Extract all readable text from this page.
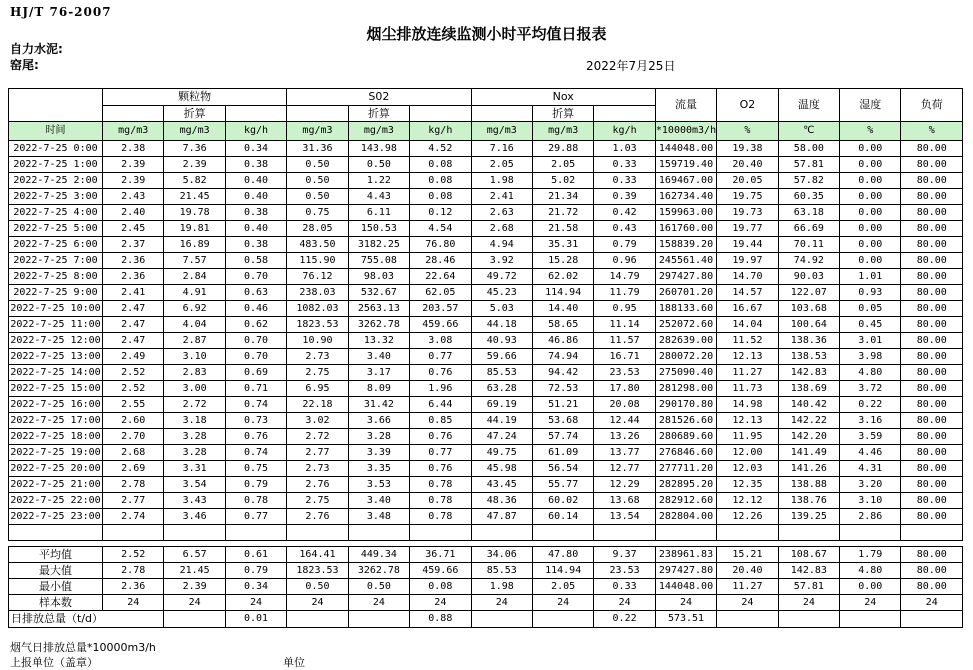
HJ/T 76-2007
烟尘排放连续监测小时平均值日报表
自力水泥:
窑尾:	2022年7月25日
	颗粒物			S02			Nox			流量	O2	温度	湿度	负荷
		折算			折算			折算						
时间	mg/m3	mg/m3	kg/h	mg/m3	mg/m3	kg/h	mg/m3	mg/m3	kg/h	*10000m3/h	%	℃	%	%
2022-7-25 0:00	2.38	7.36	0.34	31.36	143.98	4.52	7.16	29.88	1.03	144048.00	19.38	58.00	0.00	80.00
2022-7-25 1:00	2.39	2.39	0.38	0.50	0.50	0.08	2.05	2.05	0.33	159719.40	20.40	57.81	0.00	80.00
2022-7-25 2:00	2.39	5.82	0.40	0.50	1.22	0.08	1.98	5.02	0.33	169467.00	20.05	57.82	0.00	80.00
2022-7-25 3:00	2.43	21.45	0.40	0.50	4.43	0.08	2.41	21.34	0.39	162734.40	19.75	60.35	0.00	80.00
2022-7-25 4:00	2.40	19.78	0.38	0.75	6.11	0.12	2.63	21.72	0.42	159963.00	19.73	63.18	0.00	80.00
2022-7-25 5:00	2.45	19.81	0.40	28.05	150.53	4.54	2.68	21.58	0.43	161760.00	19.77	66.69	0.00	80.00
2022-7-25 6:00	2.37	16.89	0.38	483.50	3182.25	76.80	4.94	35.31	0.79	158839.20	19.44	70.11	0.00	80.00
2022-7-25 7:00	2.36	7.57	0.58	115.90	755.08	28.46	3.92	15.28	0.96	245561.40	19.97	74.92	0.00	80.00
2022-7-25 8:00	2.36	2.84	0.70	76.12	98.03	22.64	49.72	62.02	14.79	297427.80	14.70	90.03	1.01	80.00
2022-7-25 9:00	2.41	4.91	0.63	238.03	532.67	62.05	45.23	114.94	11.79	260701.20	14.57	122.07	0.93	80.00
2022-7-25 10:00	2.47	6.92	0.46	1082.03	2563.13	203.57	5.03	14.40	0.95	188133.60	16.67	103.68	0.05	80.00
2022-7-25 11:00	2.47	4.04	0.62	1823.53	3262.78	459.66	44.18	58.65	11.14	252072.60	14.04	100.64	0.45	80.00
2022-7-25 12:00	2.47	2.87	0.70	10.90	13.32	3.08	40.93	46.86	11.57	282639.00	11.52	138.36	3.01	80.00
2022-7-25 13:00	2.49	3.10	0.70	2.73	3.40	0.77	59.66	74.94	16.71	280072.20	12.13	138.53	3.98	80.00
2022-7-25 14:00	2.52	2.83	0.69	2.75	3.17	0.76	85.53	94.42	23.53	275090.40	11.27	142.83	4.80	80.00
2022-7-25 15:00	2.52	3.00	0.71	6.95	8.09	1.96	63.28	72.53	17.80	281298.00	11.73	138.69	3.72	80.00
2022-7-25 16:00	2.55	2.72	0.74	22.18	31.42	6.44	69.19	51.21	20.08	290170.80	14.98	140.42	0.22	80.00
2022-7-25 17:00	2.60	3.18	0.73	3.02	3.66	0.85	44.19	53.68	12.44	281526.60	12.13	142.22	3.16	80.00
2022-7-25 18:00	2.70	3.28	0.76	2.72	3.28	0.76	47.24	57.74	13.26	280689.60	11.95	142.20	3.59	80.00
2022-7-25 19:00	2.68	3.28	0.74	2.77	3.39	0.77	49.75	61.09	13.77	276846.60	12.00	141.49	4.46	80.00
2022-7-25 20:00	2.69	3.31	0.75	2.73	3.35	0.76	45.98	56.54	12.77	277711.20	12.03	141.26	4.31	80.00
2022-7-25 21:00	2.78	3.54	0.79	2.76	3.53	0.78	43.45	55.77	12.29	282895.20	12.35	138.88	3.20	80.00
2022-7-25 22:00	2.77	3.43	0.78	2.75	3.40	0.78	48.36	60.02	13.68	282912.60	12.12	138.76	3.10	80.00
2022-7-25 23:00	2.74	3.46	0.77	2.76	3.48	0.78	47.87	60.14	13.54	282804.00	12.26	139.25	2.86	80.00

平均值	2.52	6.57	0.61	164.41	449.34	36.71	34.06	47.80	9.37	238961.83	15.21	108.67	1.79	80.00
最大值	2.78	21.45	0.79	1823.53	3262.78	459.66	85.53	114.94	23.53	297427.80	20.40	142.83	4.80	80.00
最小值	2.36	2.39	0.34	0.50	0.50	0.08	1.98	2.05	0.33	144048.00	11.27	57.81	0.00	80.00
样本数	24	24	24	24	24	24	24	24	24	24	24	24	24	24
日排放总量（t/d）			0.01			0.88			0.22	573.51				
烟气日排放总量*10000m3/h
上报单位（盖章）	单位
